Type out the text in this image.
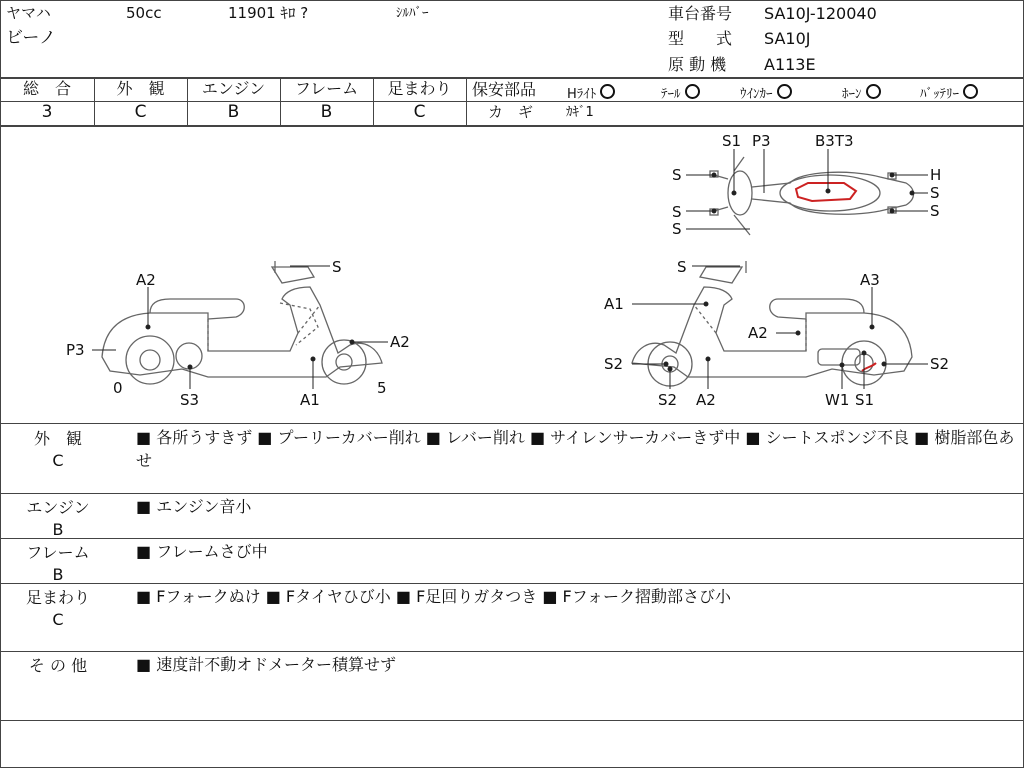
ヤマハ
ビーノ
50cc	11901 ｷﾛ ?	ｼﾙﾊﾞｰ	車台番号 SA10J-120040
型　　式 SA10J
原 動 機 A113E
総　合	外　観	エンジン	フレーム	足まわり
3	C	B	B	C
保安部品 Hﾗｲﾄ	ﾃｰﾙ	ｳｲﾝｶｰ	ﾎｰﾝ	ﾊﾞｯﾃﾘｰ
カ　ギ	ｶｷﾞ1
S
A2
P3	A2
0
S3	A1
5
S1 P3	B3T3
S	H
S
S
S
S
S
A3
A1
A2
S2	S2
S2 A2	W1 S1
外　観
C
■ 各所うすきず ■ プーリーカバー削れ ■ レバー削れ ■ サイレンサーカバーきず中 ■ シートスポンジ不良 ■ 樹脂部色あせ
エンジン
B
■ エンジン音小
フレーム
B
■ フレームさび中
足まわり
C
■ Fフォークぬけ ■ Fタイヤひび小 ■ F足回りガタつき ■ Fフォーク摺動部さび小
そ の 他	■ 速度計不動オドメーター積算せず
